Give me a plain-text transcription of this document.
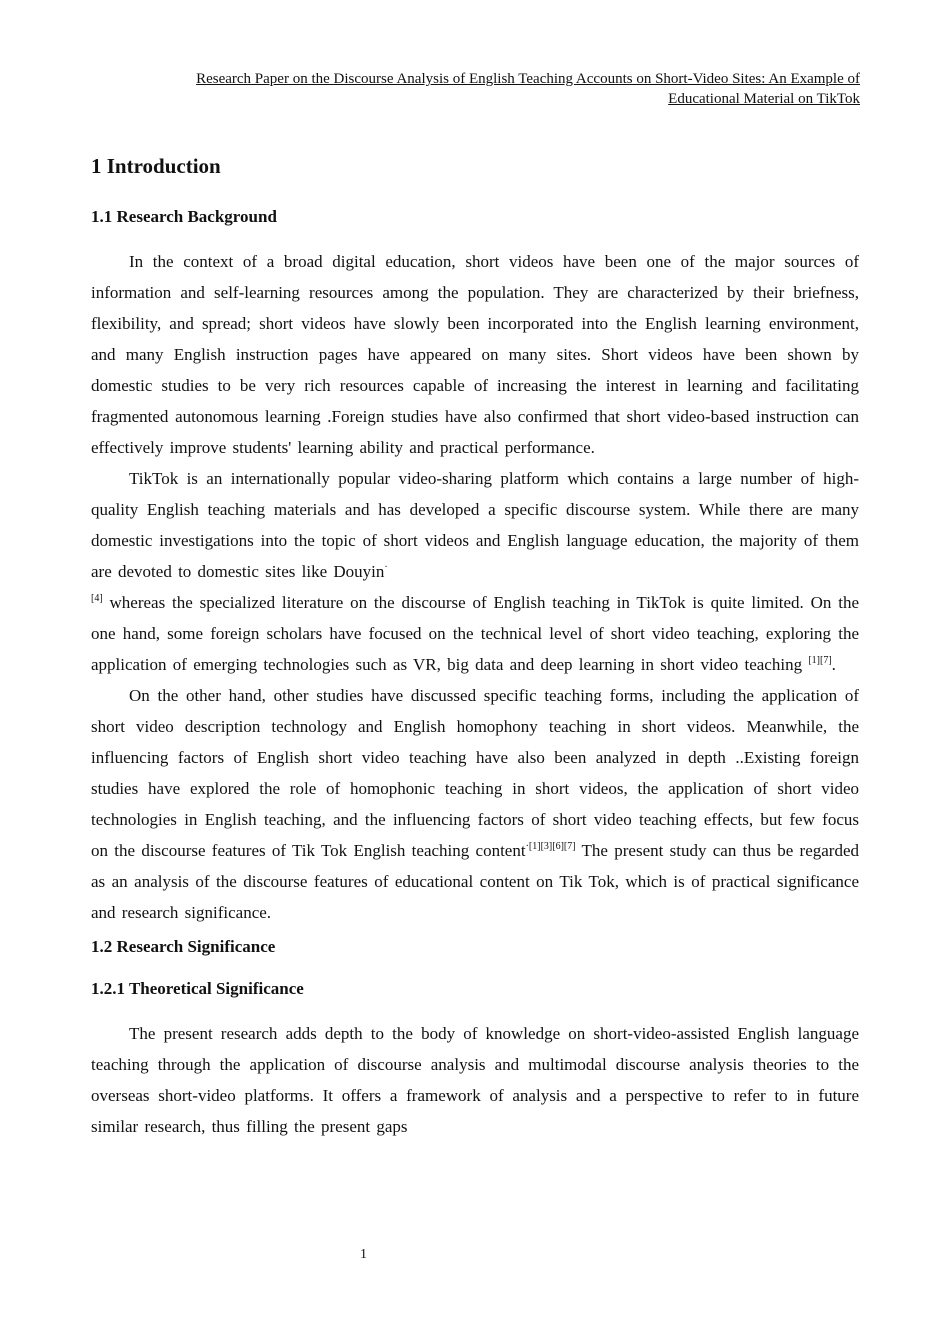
Research Paper on the Discourse Analysis of English Teaching Accounts on Short-Video Sites: An Example of
Educational Material on TikTok
1 Introduction
1.1 Research Background

In the context of a broad digital education, short videos have been one of the major sources of information and self-learning resources among the population. They are characterized by their briefness, flexibility, and spread; short videos have slowly been incorporated into the English learning environment, and many English instruction pages have appeared on many sites. Short videos have been shown by domestic studies to be very rich resources capable of increasing the interest in learning and facilitating fragmented autonomous learning .Foreign studies have also confirmed that short video-based instruction can effectively improve students' learning ability and practical performance.

TikTok is an internationally popular video-sharing platform which contains a large number of high-quality English teaching materials and has developed a specific discourse system. While there are many domestic investigations into the topic of short videos and English language education, the majority of them are devoted to domestic sites like Douyin·
[4] whereas the specialized literature on the discourse of English teaching in TikTok is quite limited. On the one hand, some foreign scholars have focused on the technical level of short video teaching, exploring the application of emerging technologies such as VR, big data and deep learning in short video teaching [1][7].

On the other hand, other studies have discussed specific teaching forms, including the application of short video description technology and English homophony teaching in short videos. Meanwhile, the influencing factors of English short video teaching have also been analyzed in depth ..Existing foreign studies have explored the role of homophonic teaching in short videos, the application of short video technologies in English teaching, and the influencing factors of short video teaching effects, but few focus on the discourse features of Tik Tok English teaching content$^{\cdot[1][3][6][7]}$ The present study can thus be regarded as an analysis of the discourse features of educational content on Tik Tok, which is of practical significance and research significance.

1.2 Research Significance
1.2.1 Theoretical Significance

The present research adds depth to the body of knowledge on short-video-assisted English language teaching through the application of discourse analysis and multimodal discourse analysis theories to the overseas short-video platforms. It offers a framework of analysis and a perspective to refer to in future similar research, thus filling the present gaps

1
